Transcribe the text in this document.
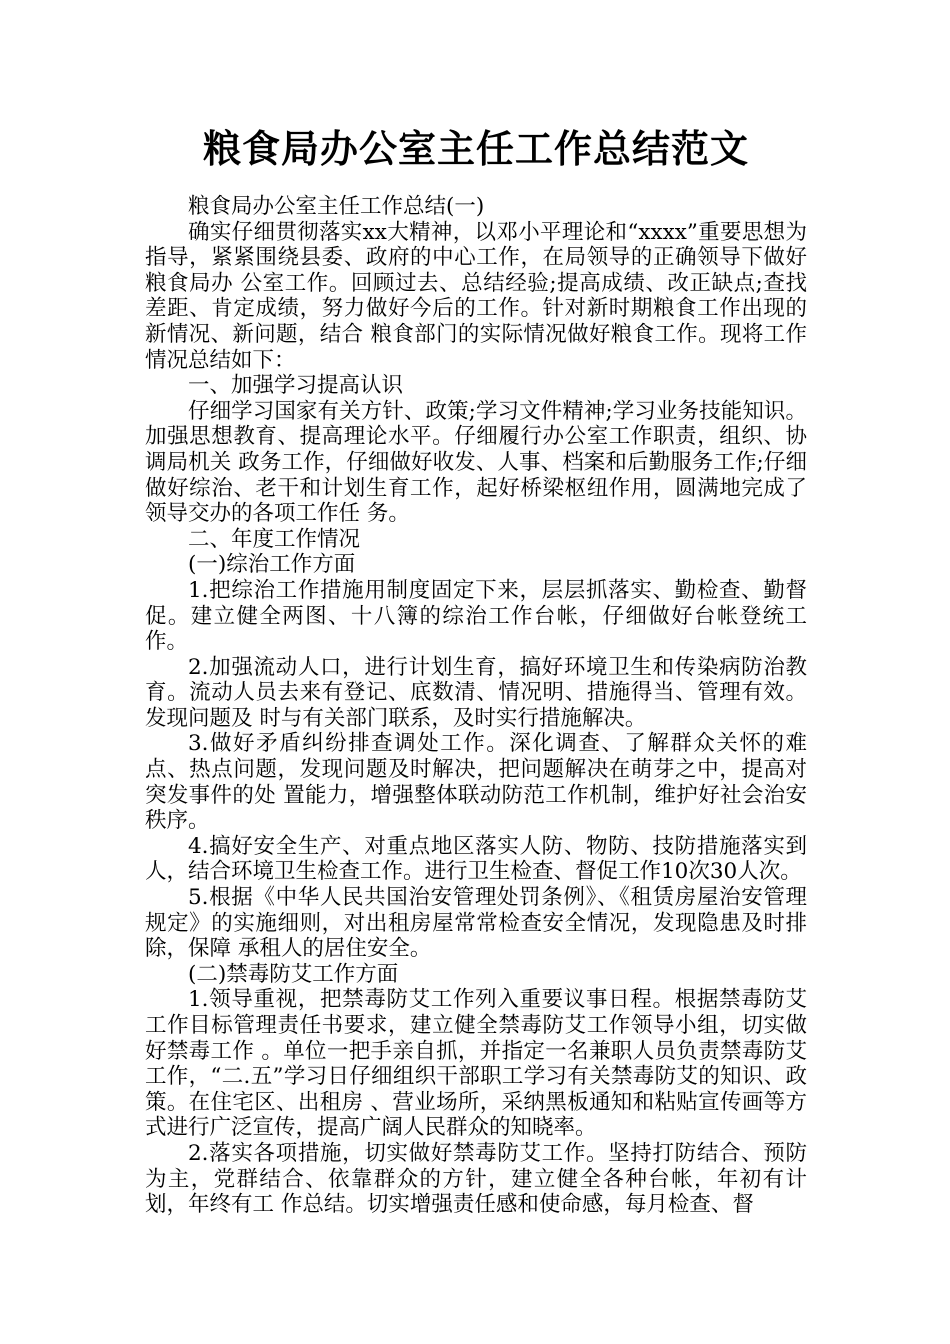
粮食局办公室主任工作总结范文

粮食局办公室主任工作总结(一)

确实仔细贯彻落实xx大精神，以邓小平理论和“xxxx”重要思想为指导，紧紧围绕县委、政府的中心工作，在局领导的正确领导下做好粮食局办 公室工作。回顾过去、总结经验;提高成绩、改正缺点;查找差距、肯定成绩，努力做好今后的工作。针对新时期粮食工作出现的新情况、新问题，结合 粮食部门的实际情况做好粮食工作。现将工作情况总结如下：

一、加强学习提高认识

仔细学习国家有关方针、政策;学习文件精神;学习业务技能知识。加强思想教育、提高理论水平。仔细履行办公室工作职责，组织、协调局机关 政务工作，仔细做好收发、人事、档案和后勤服务工作;仔细做好综治、老干和计划生育工作，起好桥梁枢纽作用，圆满地完成了领导交办的各项工作任 务。

二、年度工作情况

(一)综治工作方面

1.把综治工作措施用制度固定下来，层层抓落实、勤检查、勤督促。建立健全两图、十八簿的综治工作台帐，仔细做好台帐登统工作。

2.加强流动人口，进行计划生育，搞好环境卫生和传染病防治教育。流动人员去来有登记、底数清、情况明、措施得当、管理有效。发现问题及 时与有关部门联系，及时实行措施解决。

3.做好矛盾纠纷排查调处工作。深化调查、了解群众关怀的难点、热点问题，发现问题及时解决，把问题解决在萌芽之中，提高对突发事件的处 置能力，增强整体联动防范工作机制，维护好社会治安秩序。

4.搞好安全生产、对重点地区落实人防、物防、技防措施落实到人，结合环境卫生检查工作。进行卫生检查、督促工作10次30人次。

5.根据《中华人民共国治安管理处罚条例》、《租赁房屋治安管理规定》的实施细则，对出租房屋常常检查安全情况，发现隐患及时排除，保障 承租人的居住安全。

(二)禁毒防艾工作方面

1.领导重视，把禁毒防艾工作列入重要议事日程。根据禁毒防艾工作目标管理责任书要求，建立健全禁毒防艾工作领导小组，切实做好禁毒工作 。单位一把手亲自抓，并指定一名兼职人员负责禁毒防艾工作，“二.五”学习日仔细组织干部职工学习有关禁毒防艾的知识、政策。在住宅区、出租房 、营业场所，采纳黑板通知和粘贴宣传画等方式进行广泛宣传，提高广阔人民群众的知晓率。

2.落实各项措施，切实做好禁毒防艾工作。坚持打防结合、预防为主，党群结合、依靠群众的方针，建立健全各种台帐，年初有计划，年终有工 作总结。切实增强责任感和使命感，每月检查、督
